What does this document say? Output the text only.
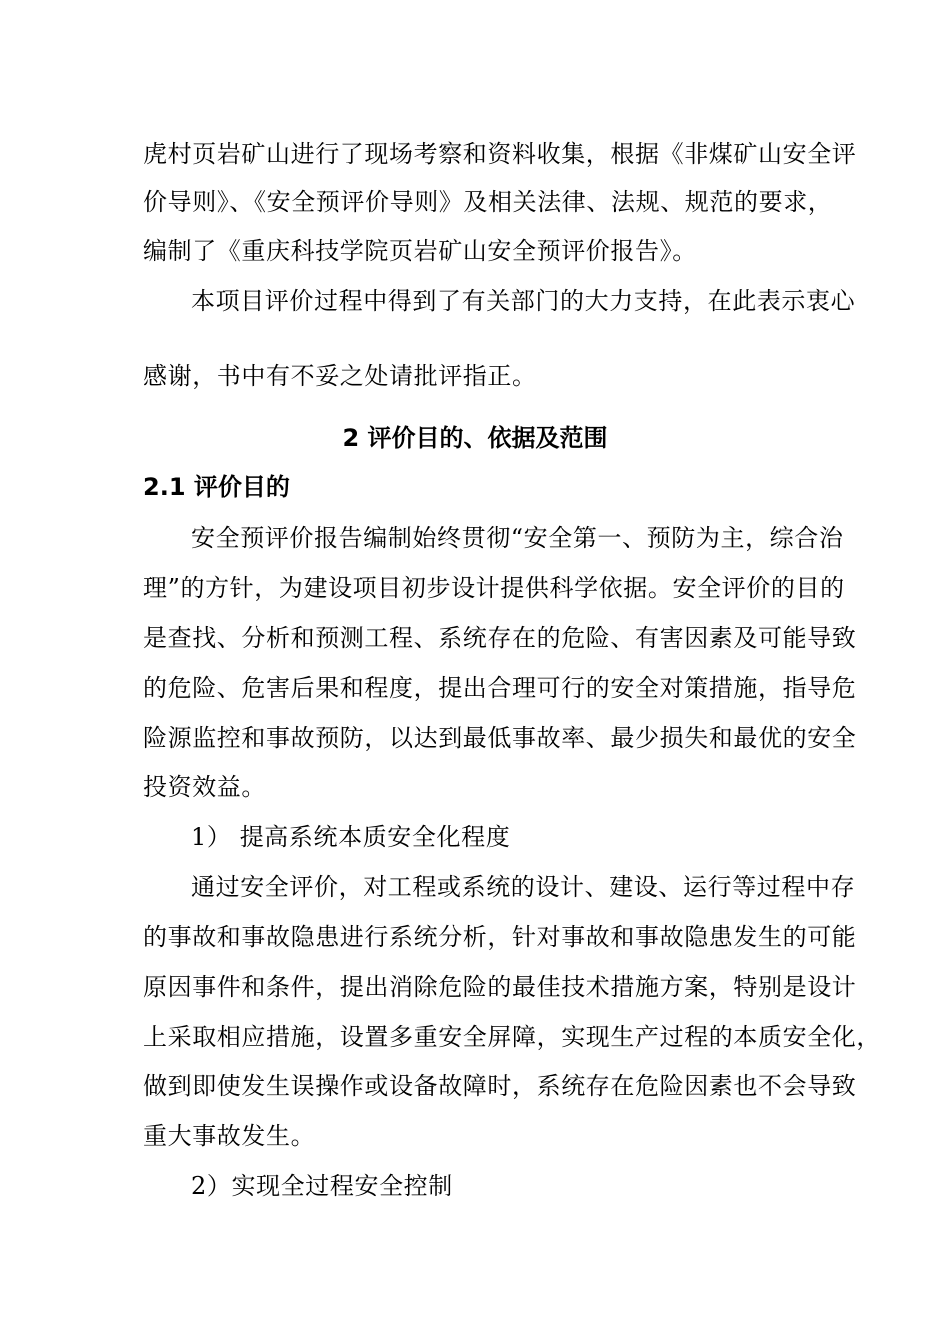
虎村页岩矿山进行了现场考察和资料收集，根据《非煤矿山安全评
价导则》、《安全预评价导则》及相关法律、法规、规范的要求，
编制了《重庆科技学院页岩矿山安全预评价报告》。
本项目评价过程中得到了有关部门的大力支持，在此表示衷心
感谢，书中有不妥之处请批评指正。
2 评价目的、依据及范围
2.1 评价目的
安全预评价报告编制始终贯彻“安全第一、预防为主，综合治
理”的方针，为建设项目初步设计提供科学依据。安全评价的目的
是查找、分析和预测工程、系统存在的危险、有害因素及可能导致
的危险、危害后果和程度，提出合理可行的安全对策措施，指导危
险源监控和事故预防，以达到最低事故率、最少损失和最优的安全
投资效益。
1） 提高系统本质安全化程度
通过安全评价，对工程或系统的设计、建设、运行等过程中存
的事故和事故隐患进行系统分析，针对事故和事故隐患发生的可能
原因事件和条件，提出消除危险的最佳技术措施方案，特别是设计
上采取相应措施，设置多重安全屏障，实现生产过程的本质安全化，
做到即使发生误操作或设备故障时，系统存在危险因素也不会导致
重大事故发生。
2）实现全过程安全控制
